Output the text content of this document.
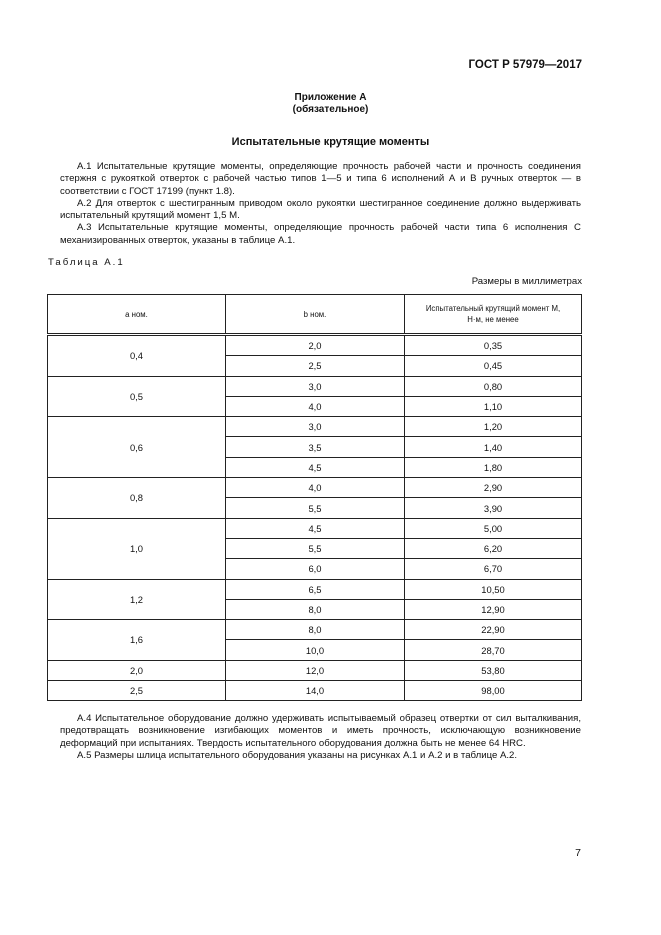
ГОСТ Р 57979—2017
Приложение А
(обязательное)
Испытательные крутящие моменты

А.1 Испытательные крутящие моменты, определяющие прочность рабочей части и прочность соединения стержня с рукояткой отверток с рабочей частью типов 1—5 и типа 6 исполнений А и В ручных отверток — в соответствии с ГОСТ 17199 (пункт 1.8).

А.2 Для отверток с шестигранным приводом около рукоятки шестигранное соединение должно выдерживать испытательный крутящий момент 1,5 М.

А.3 Испытательные крутящие моменты, определяющие прочность рабочей части типа 6 исполнения С механизированных отверток, указаны в таблице А.1.

Таблица А.1
Размеры в миллиметрах
a ном.	b ном.	Испытательный крутящий момент М,
Н·м, не менее
0,4	2,0	0,35
	2,5	0,45
0,5	3,0	0,80
	4,0	1,10
0,6	3,0	1,20
	3,5	1,40
	4,5	1,80
0,8	4,0	2,90
	5,5	3,90
1,0	4,5	5,00
	5,5	6,20
	6,0	6,70
1,2	6,5	10,50
	8,0	12,90
1,6	8,0	22,90
	10,0	28,70
2,0	12,0	53,80
2,5	14,0	98,00

А.4 Испытательное оборудование должно удерживать испытываемый образец отвертки от сил выталкивания, предотвращать возникновение изгибающих моментов и иметь прочность, исключающую возникновение деформаций при испытаниях. Твердость испытательного оборудования должна быть не менее 64 HRC.

А.5 Размеры шлица испытательного оборудования указаны на рисунках А.1 и А.2 и в таблице А.2.

7
